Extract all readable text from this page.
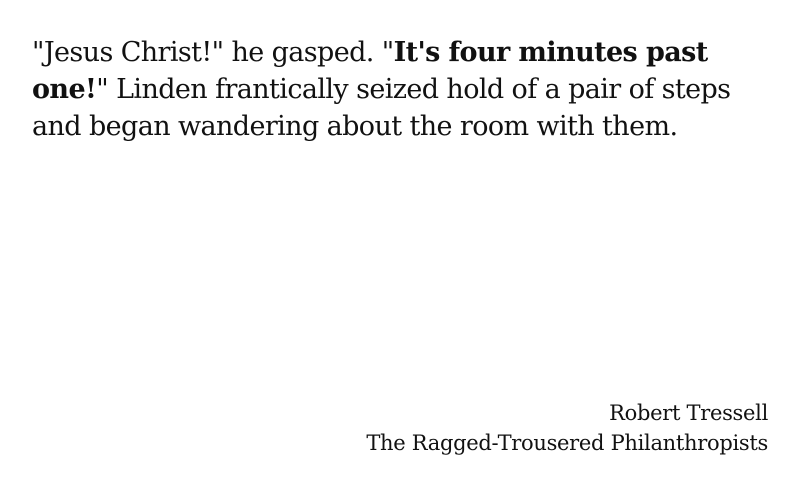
"Jesus Christ!" he gasped. "It's four minutes past one!" Linden frantically seized hold of a pair of steps and began wandering about the room with them.

Robert Tressell
The Ragged-Trousered Philanthropists
